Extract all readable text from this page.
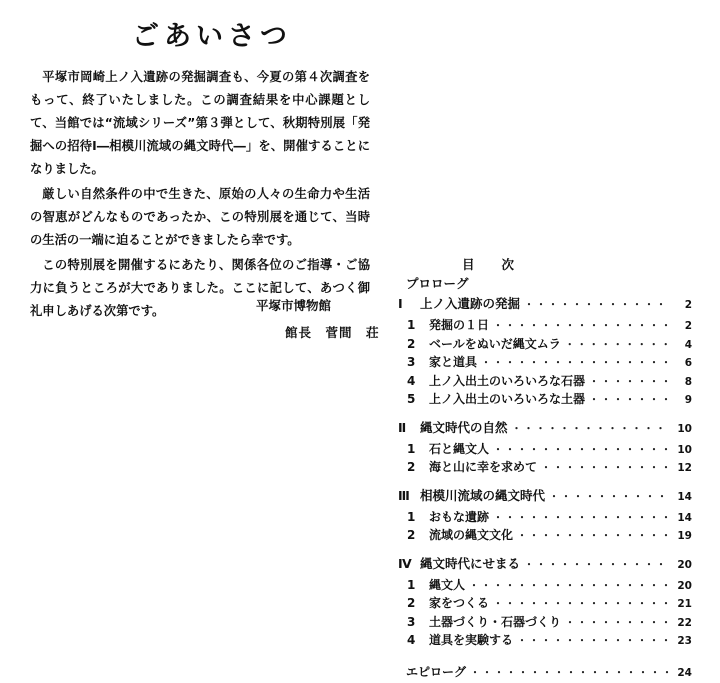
ごあいさつ

平塚市岡崎上ノ入遺跡の発掘調査も、今夏の第４次調査をもって、終了いたしました。この調査結果を中心課題として、当館では“流域シリーズ”第３弾として、秋期特別展「発掘への招待Ⅰ―相模川流域の縄文時代―」を、開催することになりました。

厳しい自然条件の中で生きた、原始の人々の生命力や生活の智恵がどんなものであったか、この特別展を通じて、当時の生活の一端に迫ることができましたら幸です。

この特別展を開催するにあたり、関係各位のご指導・ご協力に負うところが大でありました。ここに記して、あつく御礼申しあげる次第です。	平塚市博物館
館長　菅間　荘
目次
プロローグ
Ⅰ	上ノ入遺跡の発掘 ・・・・・・・・・・・・・・・・・・・・・・・・・・・・・・・・・・・・・・	2
1	発掘の１日 ・・・・・・・・・・・・・・・・・・・・・・・・・・・・・・・・・・・・・・	2
2	ベールをぬいだ縄文ムラ ・・・・・・・・・・・・・・・・・・・・・・・・・・・・・・・・・・・・・・	4
3	家と道具 ・・・・・・・・・・・・・・・・・・・・・・・・・・・・・・・・・・・・・・	6
4	上ノ入出土のいろいろな石器 ・・・・・・・・・・・・・・・・・・・・・・・・・・・・・・・・・・・・・・	8
5	上ノ入出土のいろいろな土器 ・・・・・・・・・・・・・・・・・・・・・・・・・・・・・・・・・・・・・・	9
Ⅱ	縄文時代の自然 ・・・・・・・・・・・・・・・・・・・・・・・・・・・・・・・・・・・・・・	10
1	石と縄文人 ・・・・・・・・・・・・・・・・・・・・・・・・・・・・・・・・・・・・・・	10
2	海と山に幸を求めて ・・・・・・・・・・・・・・・・・・・・・・・・・・・・・・・・・・・・・・	12
Ⅲ 相模川流域の縄文時代 ・・・・・・・・・・・・・・・・・・・・・・・・・・・・・・・・・・・・・・	14
1	おもな遺跡 ・・・・・・・・・・・・・・・・・・・・・・・・・・・・・・・・・・・・・・	14
2	流域の縄文文化 ・・・・・・・・・・・・・・・・・・・・・・・・・・・・・・・・・・・・・・	19
Ⅳ 縄文時代にせまる ・・・・・・・・・・・・・・・・・・・・・・・・・・・・・・・・・・・・・・	20
1	縄文人 ・・・・・・・・・・・・・・・・・・・・・・・・・・・・・・・・・・・・・・	20
2	家をつくる ・・・・・・・・・・・・・・・・・・・・・・・・・・・・・・・・・・・・・・	21
3	土器づくり・石器づくり ・・・・・・・・・・・・・・・・・・・・・・・・・・・・・・・・・・・・・・	22
4	道具を実験する ・・・・・・・・・・・・・・・・・・・・・・・・・・・・・・・・・・・・・・	23
エピローグ ・・・・・・・・・・・・・・・・・・・・・・・・・・・・・・・・・・・・・・	24
